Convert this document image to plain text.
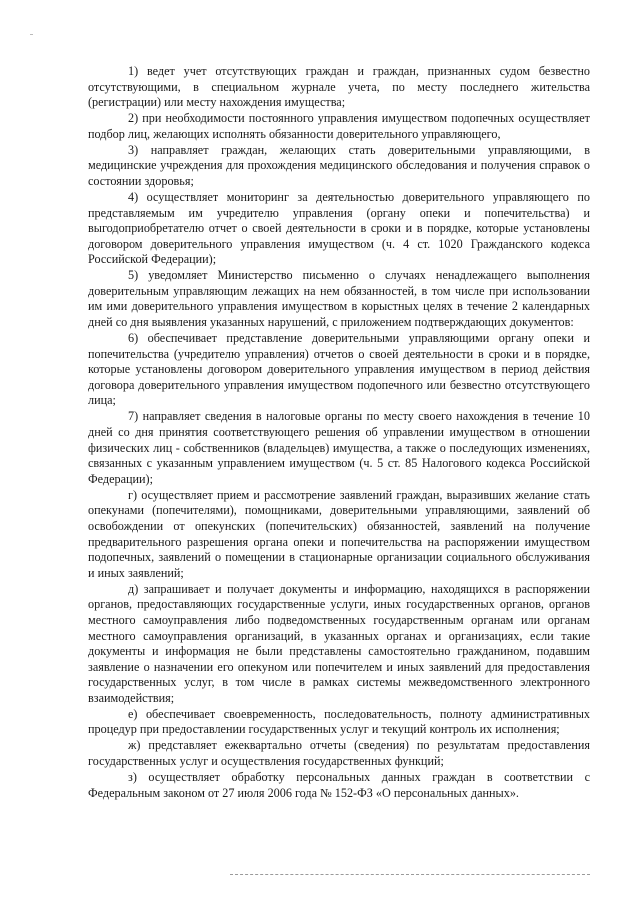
1) ведет учет отсутствующих граждан и граждан, признанных судом безвестно отсутствующими, в специальном журнале учета, по месту последнего жительства (регистрации) или месту нахождения имущества;

2) при необходимости постоянного управления имуществом подопечных осуществляет подбор лиц, желающих исполнять обязанности доверительного управляющего,

3) направляет граждан, желающих стать доверительными управляющими, в медицинские учреждения для прохождения медицинского обследования и получения справок о состоянии здоровья;

4) осуществляет мониторинг за деятельностью доверительного управляющего по представляемым им учредителю управления (органу опеки и попечительства) и выгодоприобретателю отчет о своей деятельности в сроки и в порядке, которые установлены договором доверительного управления имуществом (ч. 4 ст. 1020 Гражданского кодекса Российской Федерации);

5) уведомляет Министерство письменно о случаях ненадлежащего выполнения доверительным управляющим лежащих на нем обязанностей, в том числе при использовании им ими доверительного управления имуществом в корыстных целях в течение 2 календарных дней со дня выявления указанных нарушений, с приложением подтверждающих документов:

6) обеспечивает представление доверительными управляющими органу опеки и попечительства (учредителю управления) отчетов о своей деятельности в сроки и в порядке, которые установлены договором доверительного управления имуществом в период действия договора доверительного управления имуществом подопечного или безвестно отсутствующего лица;

7) направляет сведения в налоговые органы по месту своего нахождения в течение 10 дней со дня принятия соответствующего решения об управлении имуществом в отношении физических лиц - собственников (владельцев) имущества, а также о последующих изменениях, связанных с указанным управлением имуществом (ч. 5 ст. 85 Налогового кодекса Российской Федерации);

г) осуществляет прием и рассмотрение заявлений граждан, выразивших желание стать опекунами (попечителями), помощниками, доверительными управляющими, заявлений об освобождении от опекунских (попечительских) обязанностей, заявлений на получение предварительного разрешения органа опеки и попечительства на распоряжении имуществом подопечных, заявлений о помещении в стационарные организации социального обслуживания и иных заявлений;

д) запрашивает и получает документы и информацию, находящихся в распоряжении органов, предоставляющих государственные услуги, иных государственных органов, органов местного самоуправления либо подведомственных государственным органам или органам местного самоуправления организаций, в указанных органах и организациях, если такие документы и информация не были представлены самостоятельно гражданином, подавшим заявление о назначении его опекуном или попечителем и иных заявлений для предоставления государственных услуг, в том числе в рамках системы межведомственного электронного взаимодействия;

е) обеспечивает своевременность, последовательность, полноту административных процедур при предоставлении государственных услуг и текущий контроль их исполнения;

ж) представляет ежеквартально отчеты (сведения) по результатам предоставления государственных услуг и осуществления государственных функций;

з) осуществляет обработку персональных данных граждан в соответствии с Федеральным законом от 27 июля 2006 года № 152-ФЗ «О персональных данных».
